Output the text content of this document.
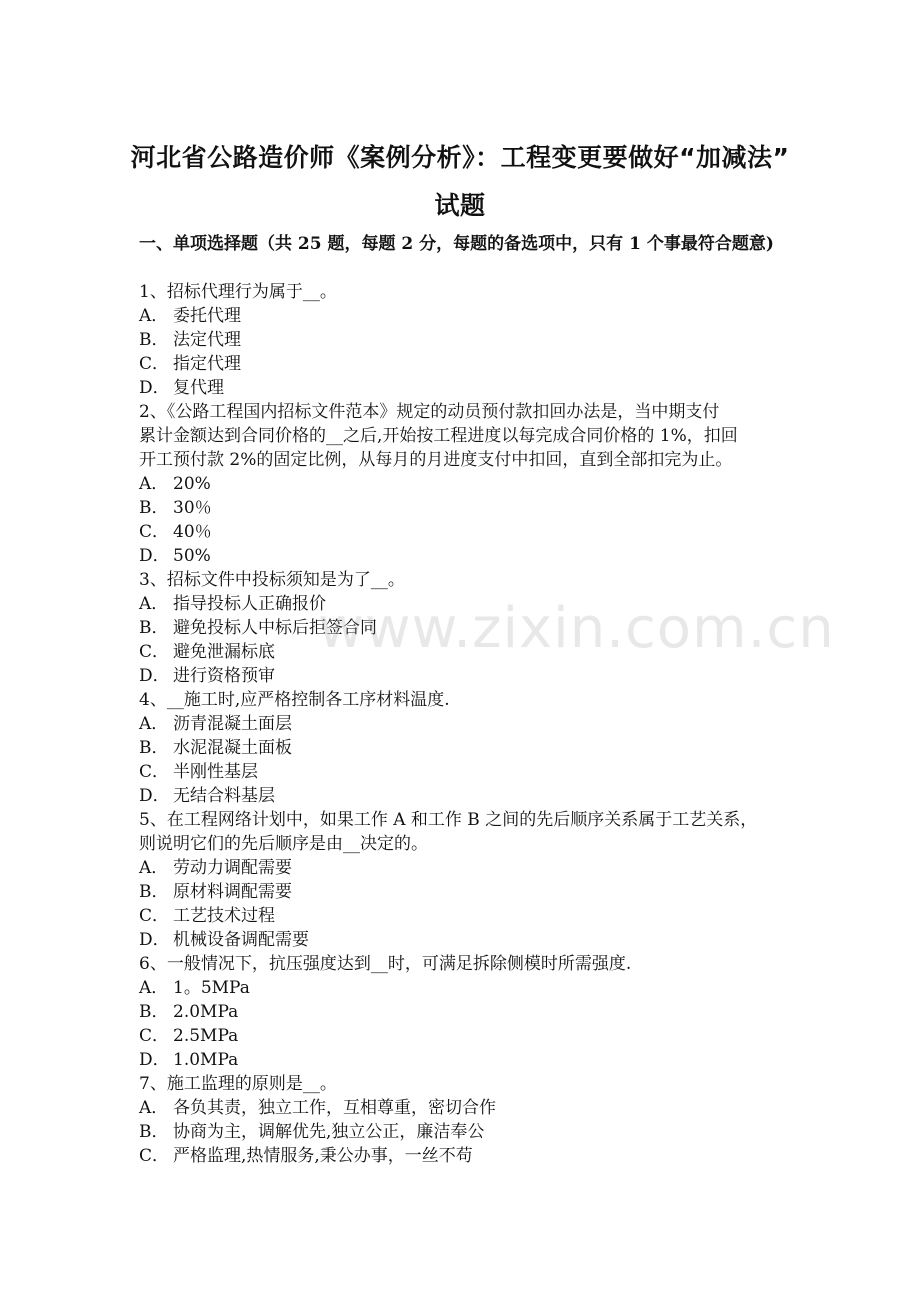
河北省公路造价师《案例分析》：工程变更要做好“加减法”
试题
一、单项选择题（共 25 题，每题 2 分，每题的备选项中，只有 1 个事最符合题意)
1、招标代理行为属于__。
A． 委托代理
B． 法定代理
C． 指定代理
D． 复代理
2、《公路工程国内招标文件范本》规定的动员预付款扣回办法是，当中期支付
累计金额达到合同价格的__之后,开始按工程进度以每完成合同价格的 1%，扣回
开工预付款 2%的固定比例，从每月的月进度支付中扣回，直到全部扣完为止。
A． 20%
B． 30％
C． 40％
D． 50%
3、招标文件中投标须知是为了__。
A． 指导投标人正确报价
B． 避免投标人中标后拒签合同
C． 避免泄漏标底
D． 进行资格预审
4、__施工时,应严格控制各工序材料温度.
A． 沥青混凝土面层
B． 水泥混凝土面板
C． 半刚性基层
D． 无结合料基层
5、在工程网络计划中，如果工作 A 和工作 B 之间的先后顺序关系属于工艺关系，
则说明它们的先后顺序是由__决定的。
A． 劳动力调配需要
B． 原材料调配需要
C． 工艺技术过程
D． 机械设备调配需要
6、一般情况下，抗压强度达到__时，可满足拆除侧模时所需强度.
A． 1。5MPa
B． 2.0MPa
C． 2.5MPa
D． 1.0MPa
7、施工监理的原则是__。
A． 各负其责，独立工作，互相尊重，密切合作
B． 协商为主，调解优先,独立公正，廉洁奉公
C． 严格监理,热情服务,秉公办事，一丝不苟
www.zixin.com.cn
